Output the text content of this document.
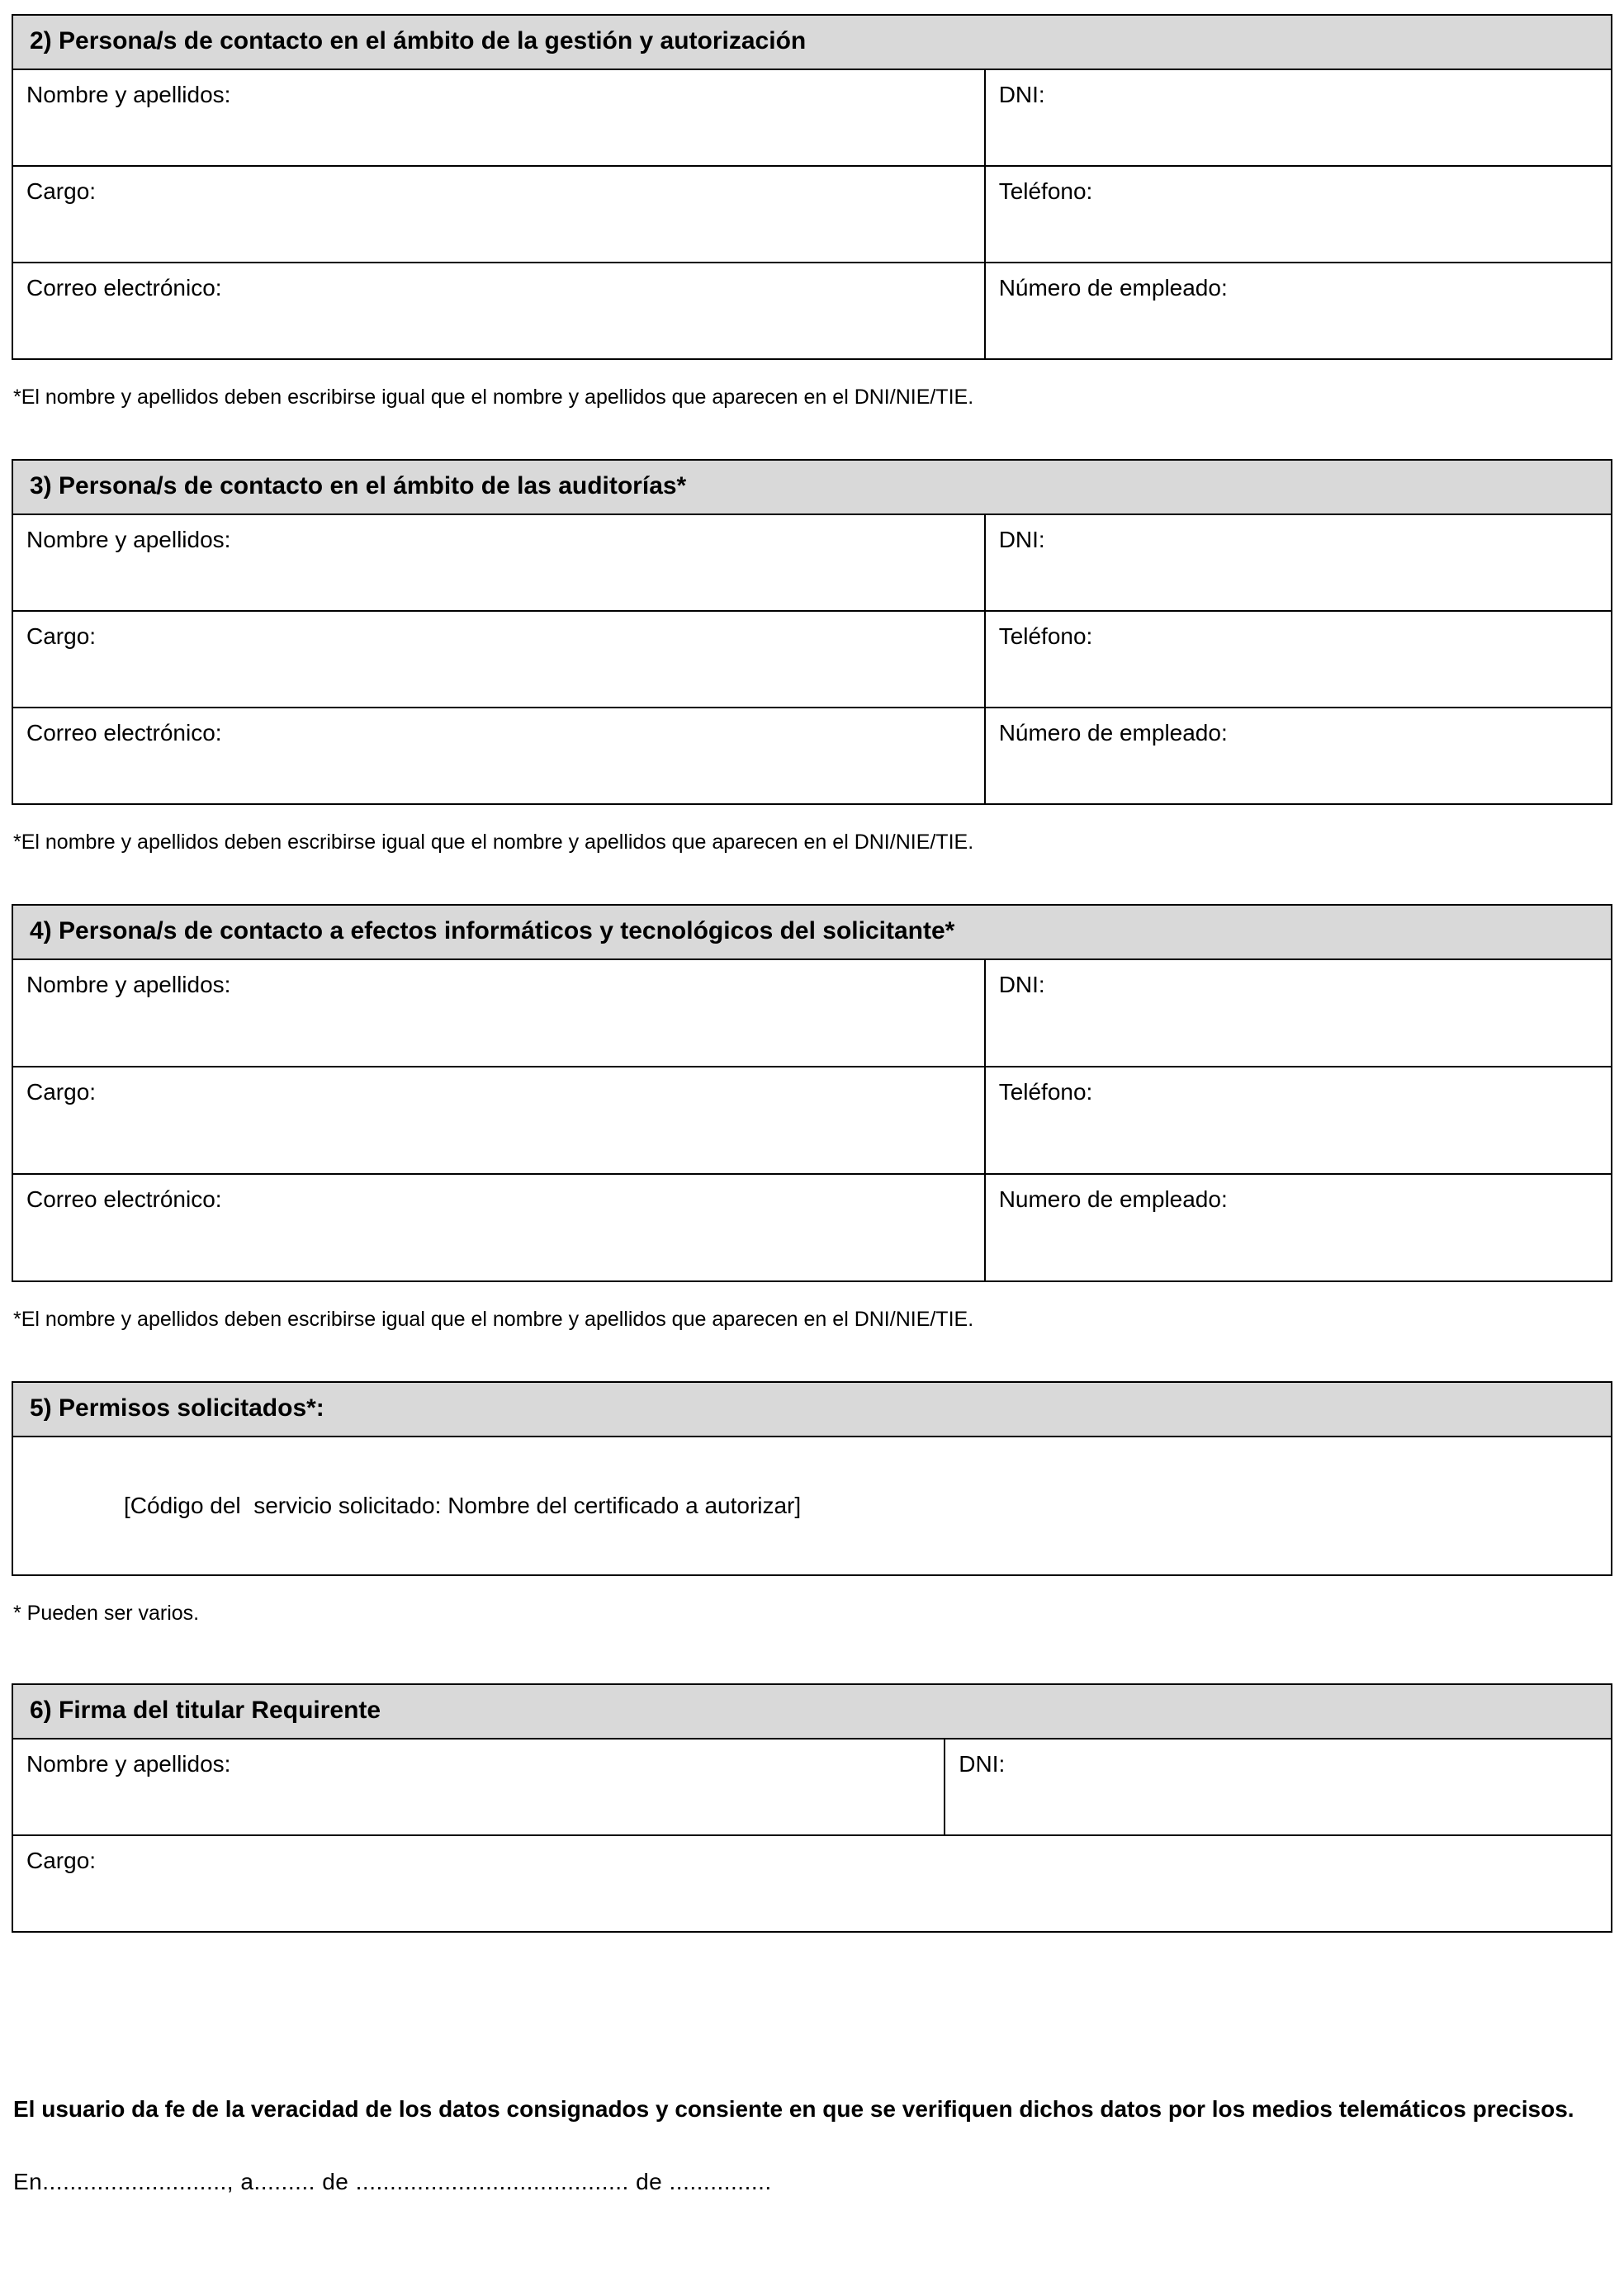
2) Persona/s de contacto en el ámbito de la gestión y autorización
Nombre y apellidos:	DNI:
Cargo:	Teléfono:
Correo electrónico:	Número de empleado:

*El nombre y apellidos deben escribirse igual que el nombre y apellidos que aparecen en el DNI/NIE/TIE.

3) Persona/s de contacto en el ámbito de las auditorías*
Nombre y apellidos:	DNI:
Cargo:	Teléfono:
Correo electrónico:	Número de empleado:

*El nombre y apellidos deben escribirse igual que el nombre y apellidos que aparecen en el DNI/NIE/TIE.

4) Persona/s de contacto a efectos informáticos y tecnológicos del solicitante*
Nombre y apellidos:	DNI:
Cargo:	Teléfono:
Correo electrónico:	Numero de empleado:

*El nombre y apellidos deben escribirse igual que el nombre y apellidos que aparecen en el DNI/NIE/TIE.

5) Permisos solicitados*:

[Código del  servicio solicitado: Nombre del certificado a autorizar]

* Pueden ser varios.

6) Firma del titular Requirente
Nombre y apellidos:	DNI:
Cargo:

El usuario da fe de la veracidad de los datos consignados y consiente en que se verifiquen dichos datos por los medios telemáticos precisos.

En..........................., a......... de ........................................ de ...............
